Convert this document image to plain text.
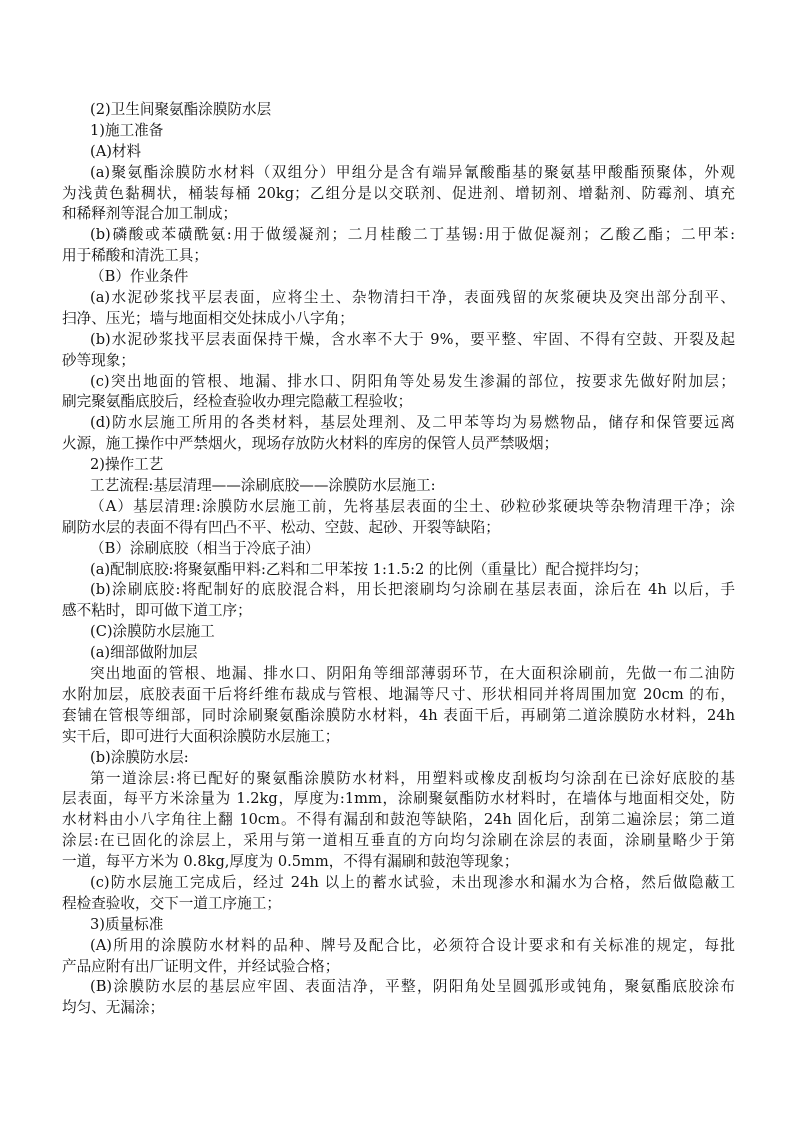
(2)卫生间聚氨酯涂膜防水层
1)施工准备
(A)材料
(a)聚氨酯涂膜防水材料（双组分）甲组分是含有端异氰酸酯基的聚氨基甲酸酯预聚体，外观
为浅黄色黏稠状，桶装每桶 20kg；乙组分是以交联剂、促进剂、增韧剂、增黏剂、防霉剂、填充
和稀释剂等混合加工制成；
(b)磷酸或苯磺酰氨:用于做缓凝剂；二月桂酸二丁基锡:用于做促凝剂；乙酸乙酯；二甲苯:
用于稀酸和清洗工具；
（B）作业条件
(a)水泥砂浆找平层表面，应将尘土、杂物清扫干净，表面残留的灰浆硬块及突出部分刮平、
扫净、压光；墙与地面相交处抹成小八字角；
(b)水泥砂浆找平层表面保持干燥，含水率不大于 9%，要平整、牢固、不得有空鼓、开裂及起
砂等现象；
(c)突出地面的管根、地漏、排水口、阴阳角等处易发生渗漏的部位，按要求先做好附加层；
刷完聚氨酯底胶后，经检查验收办理完隐蔽工程验收；
(d)防水层施工所用的各类材料，基层处理剂、及二甲苯等均为易燃物品，储存和保管要远离
火源，施工操作中严禁烟火，现场存放防火材料的库房的保管人员严禁吸烟；
2)操作工艺
工艺流程:基层清理——涂刷底胶——涂膜防水层施工:
（A）基层清理:涂膜防水层施工前，先将基层表面的尘土、砂粒砂浆硬块等杂物清理干净；涂
刷防水层的表面不得有凹凸不平、松动、空鼓、起砂、开裂等缺陷；
（B）涂刷底胶（相当于冷底子油）
(a)配制底胶:将聚氨酯甲料:乙料和二甲苯按 1:1.5:2 的比例（重量比）配合搅拌均匀；
(b)涂刷底胶:将配制好的底胶混合料，用长把滚刷均匀涂刷在基层表面，涂后在 4h 以后，手
感不粘时，即可做下道工序；
(C)涂膜防水层施工
(a)细部做附加层
突出地面的管根、地漏、排水口、阴阳角等细部薄弱环节，在大面积涂刷前，先做一布二油防
水附加层，底胶表面干后将纤维布裁成与管根、地漏等尺寸、形状相同并将周围加宽 20cm 的布，
套铺在管根等细部，同时涂刷聚氨酯涂膜防水材料，4h 表面干后，再刷第二道涂膜防水材料，24h
实干后，即可进行大面积涂膜防水层施工；
(b)涂膜防水层:
第一道涂层:将已配好的聚氨酯涂膜防水材料，用塑料或橡皮刮板均匀涂刮在已涂好底胶的基
层表面，每平方米涂量为 1.2kg，厚度为:1mm，涂刷聚氨酯防水材料时，在墙体与地面相交处，防
水材料由小八字角往上翻 10cm。不得有漏刮和鼓泡等缺陷，24h 固化后，刮第二遍涂层；第二道
涂层:在已固化的涂层上，采用与第一道相互垂直的方向均匀涂刷在涂层的表面，涂刷量略少于第
一道，每平方米为 0.8kg,厚度为 0.5mm，不得有漏刷和鼓泡等现象；
(c)防水层施工完成后，经过 24h 以上的蓄水试验，未出现渗水和漏水为合格，然后做隐蔽工
程检查验收，交下一道工序施工；
3)质量标准
(A)所用的涂膜防水材料的品种、牌号及配合比，必须符合设计要求和有关标准的规定，每批
产品应附有出厂证明文件，并经试验合格；
(B)涂膜防水层的基层应牢固、表面洁净，平整，阴阳角处呈圆弧形或钝角，聚氨酯底胶涂布
均匀、无漏涂；
